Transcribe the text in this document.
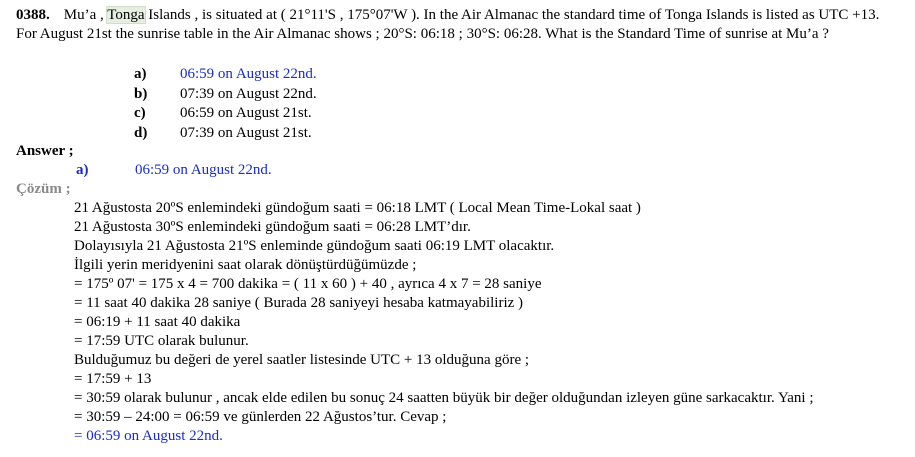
0388. Mu’a , Tonga Islands , is situated at ( 21°11'S , 175°07'W ). In the Air Almanac the standard time of Tonga Islands is listed as UTC +13. For August 21st the sunrise table in the Air Almanac shows ; 20°S: 06:18 ; 30°S: 06:28. What is the Standard Time of sunrise at Mu’a ?
a) 06:59 on August 22nd.
b) 07:39 on August 22nd.
c) 06:59 on August 21st.
d) 07:39 on August 21st.
Answer ;
a)	06:59 on August 22nd.
Çözüm ;
21 Ağustosta 20ºS enlemindeki gündoğum saati = 06:18 LMT ( Local Mean Time-Lokal saat )
21 Ağustosta 30ºS enlemindeki gündoğum saati = 06:28 LMT’dır.
Dolayısıyla 21 Ağustosta 21ºS enleminde gündoğum saati 06:19 LMT olacaktır.
İlgili yerin meridyenini saat olarak dönüştürdüğümüzde ;
= 175º 07' = 175 x 4 = 700 dakika = ( 11 x 60 ) + 40 , ayrıca 4 x 7 = 28 saniye
= 11 saat 40 dakika 28 saniye ( Burada 28 saniyeyi hesaba katmayabiliriz )
= 06:19 + 11 saat 40 dakika
= 17:59 UTC olarak bulunur.
Bulduğumuz bu değeri de yerel saatler listesinde UTC + 13 olduğuna göre ;
= 17:59 + 13
= 30:59 olarak bulunur , ancak elde edilen bu sonuç 24 saatten büyük bir değer olduğundan izleyen güne sarkacaktır. Yani ;
= 30:59 – 24:00 = 06:59 ve günlerden 22 Ağustos’tur. Cevap ;
= 06:59 on August 22nd.
